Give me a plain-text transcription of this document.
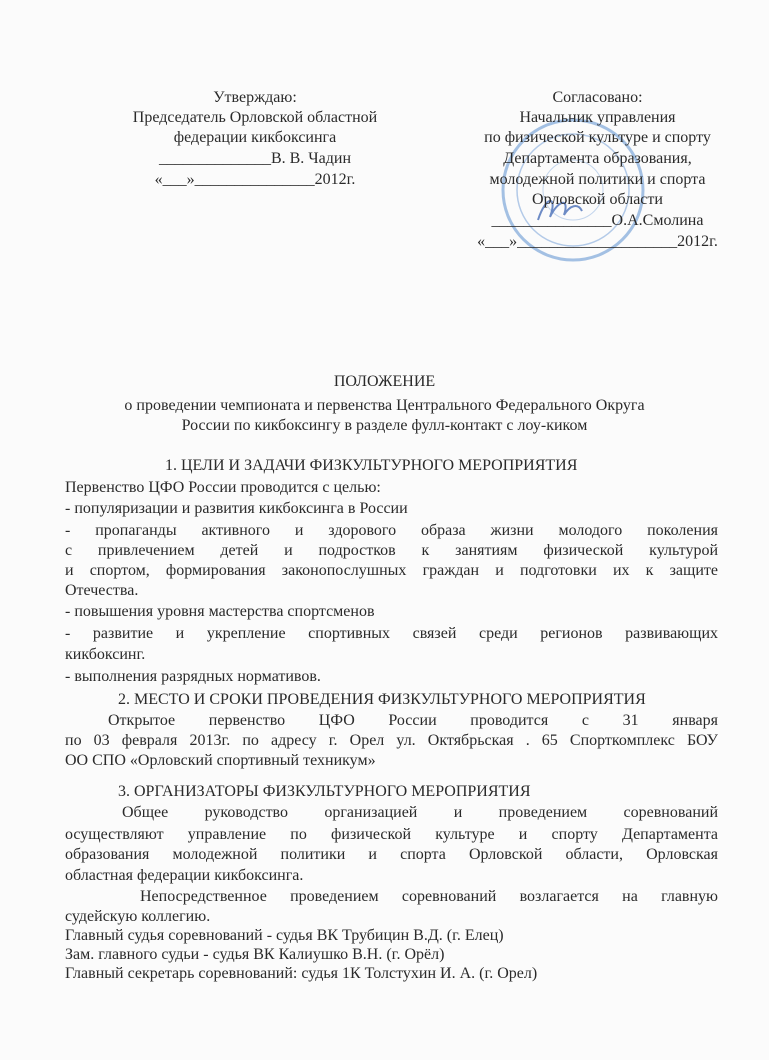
Утверждаю:
Председатель Орловской областной
федерации кикбоксинга
______________В. В. Чадин
«___»_______________2012г.
Согласовано:
Начальник управления
по физической культуре и спорту
Департамента образования,
молодежной политики и спорта
Орловской области
_______________О.А.Смолина
«___»____________________2012г.
ПОЛОЖЕНИЕ
о проведении чемпионата и первенства Центрального Федерального Округа
России по кикбоксингу в разделе фулл-контакт с лоу-киком
1. ЦЕЛИ И ЗАДАЧИ ФИЗКУЛЬТУРНОГО МЕРОПРИЯТИЯ
Первенство ЦФО России проводится с целью:
- популяризации и развития кикбоксинга в России
- пропаганды активного и здорового образа жизни молодого поколения
с привлечением детей и подростков к занятиям физической культурой
и спортом, формирования законопослушных граждан и подготовки их к защите
Отечества.
- повышения уровня мастерства спортсменов
- развитие и укрепление спортивных связей среди регионов развивающих
кикбоксинг.
- выполнения разрядных нормативов.
2. МЕСТО И СРОКИ ПРОВЕДЕНИЯ ФИЗКУЛЬТУРНОГО МЕРОПРИЯТИЯ
Открытое первенство ЦФО России проводится с 31 января
по 03 февраля 2013г. по адресу г. Орел ул. Октябрьская . 65 Спорткомплекс БОУ
ОО СПО «Орловский спортивный техникум»
3. ОРГАНИЗАТОРЫ ФИЗКУЛЬТУРНОГО МЕРОПРИЯТИЯ
Общее руководство организацией и проведением соревнований
осуществляют управление по физической культуре и спорту Департамента
образования молодежной политики и спорта Орловской области, Орловская
областная федерации кикбоксинга.
Непосредственное проведением соревнований возлагается на главную
судейскую коллегию.
Главный судья соревнований - судья ВК Трубицин В.Д. (г. Елец)
Зам. главного судьи - судья ВК Калиушко В.Н. (г. Орёл)
Главный секретарь соревнований: судья 1К Толстухин И. А. (г. Орел)
